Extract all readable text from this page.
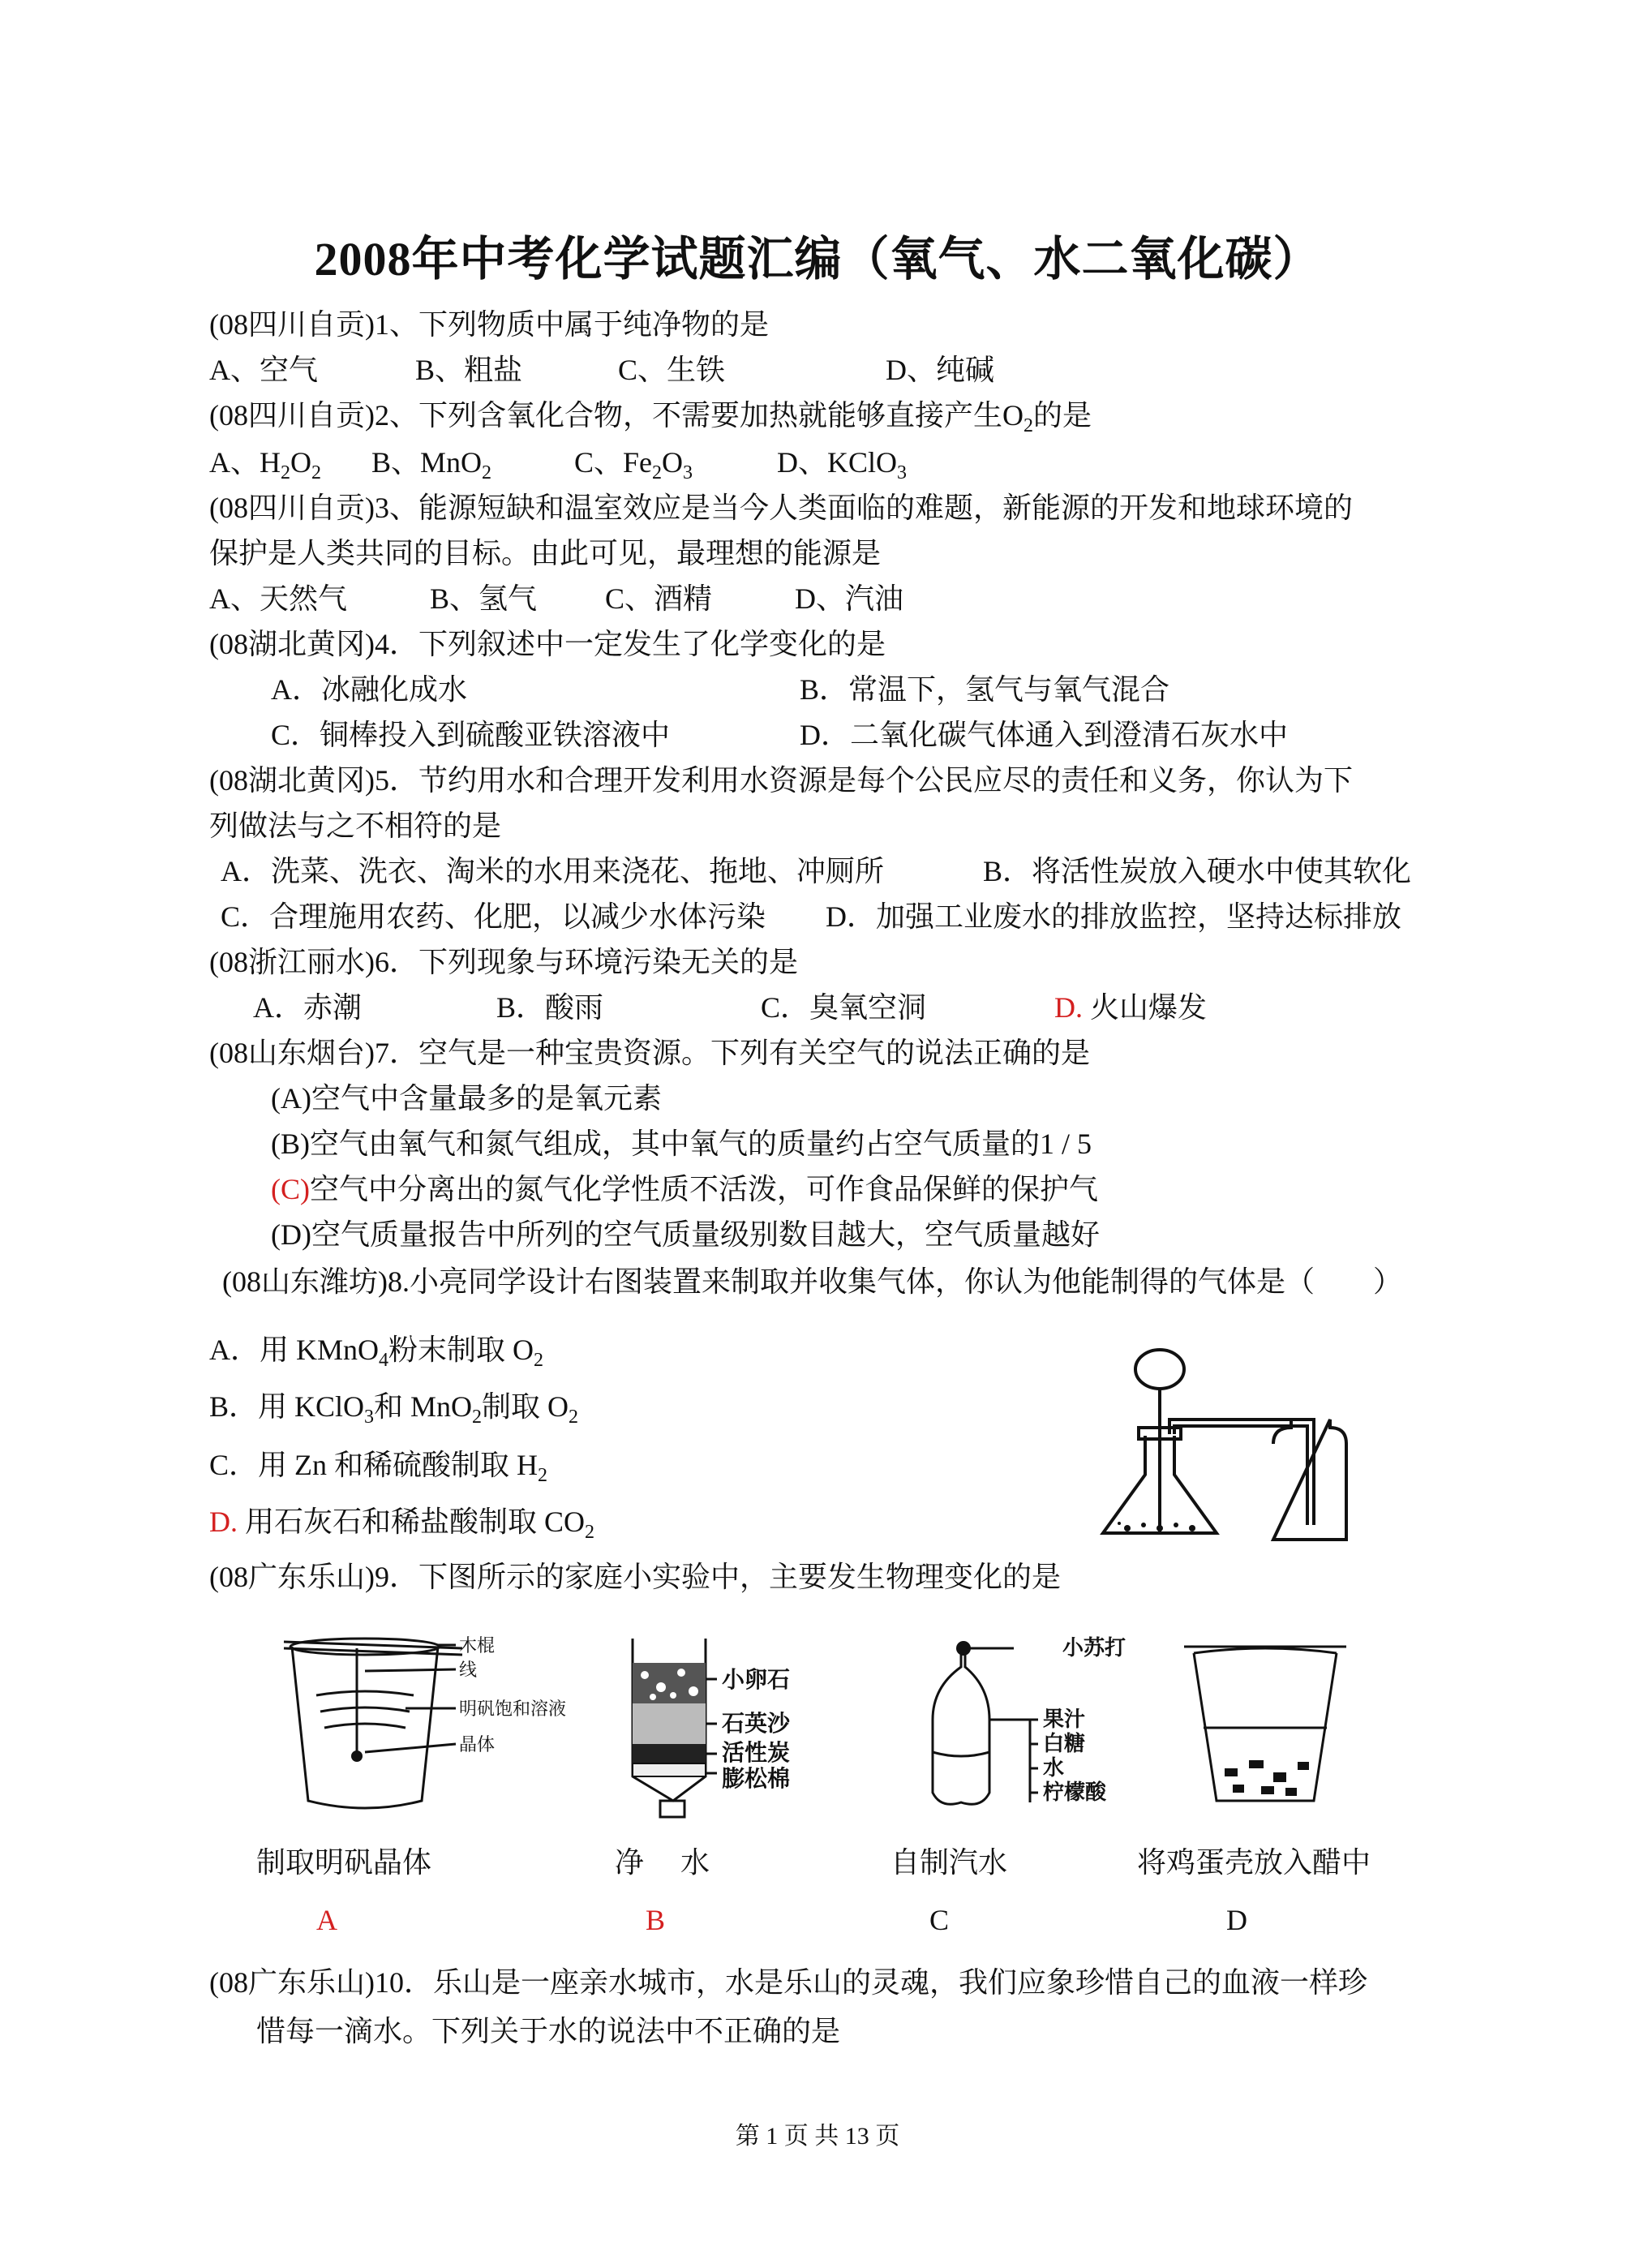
2008年中考化学试题汇编（氧气、水二氧化碳）
(08四川自贡)1、下列物质中属于纯净物的是
A、空气	B、粗盐	C、生铁	D、纯碱
(08四川自贡)2、下列含氧化合物，不需要加热就能够直接产生$O_2$的是
A、$H_2O_2$ B、MnO$_2$	C、$Fe_2O_3$	D、KClO$_3$
(08四川自贡)3、能源短缺和温室效应是当今人类面临的难题，新能源的开发和地球环境的
保护是人类共同的目标。由此可见，最理想的能源是
A、天然气	B、氢气 C、酒精	D、汽油
(08湖北黄冈)4．下列叙述中一定发生了化学变化的是
A．冰融化成水	B．常温下，氢气与氧气混合
C．铜棒投入到硫酸亚铁溶液中	D．二氧化碳气体通入到澄清石灰水中
(08湖北黄冈)5．节约用水和合理开发利用水资源是每个公民应尽的责任和义务，你认为下
列做法与之不相符的是
A．洗菜、洗衣、淘米的水用来浇花、拖地、冲厕所	B．将活性炭放入硬水中使其软化
C．合理施用农药、化肥，以减少水体污染 D．加强工业废水的排放监控，坚持达标排放
(08浙江丽水)6．下列现象与环境污染无关的是
A．赤潮	B．酸雨	C．臭氧空洞	D. 火山爆发
(08山东烟台)7．空气是一种宝贵资源。下列有关空气的说法正确的是
(A)空气中含量最多的是氧元素
(B)空气由氧气和氮气组成，其中氧气的质量约占空气质量的1 / 5
(C)空气中分离出的氮气化学性质不活泼，可作食品保鲜的保护气
(D)空气质量报告中所列的空气质量级别数目越大，空气质量越好
(08山东潍坊)8.小亮同学设计右图装置来制取并收集气体，你认为他能制得的气体是（　　）
A．用 KMnO$_4$粉末制取 $O_2$
B．用 KClO$_3$和 MnO$_2$制取 $O_2$
C．用 Zn 和稀硫酸制取 $H_2$
D. 用石灰石和稀盐酸制取 $CO_2$
(08广东乐山)9．下图所示的家庭小实验中，主要发生物理变化的是
木棍
线
明矾饱和溶液
晶体
小卵石
石英沙
活性炭
膨松棉
小苏打
果汁
白糖
水
柠檬酸
制取明矾晶体	净　 水	自制汽水	将鸡蛋壳放入醋中
A	B	C	D
(08广东乐山)10．乐山是一座亲水城市，水是乐山的灵魂，我们应象珍惜自己的血液一样珍
惜每一滴水。下列关于水的说法中不正确的是
第 1 页 共 13 页
